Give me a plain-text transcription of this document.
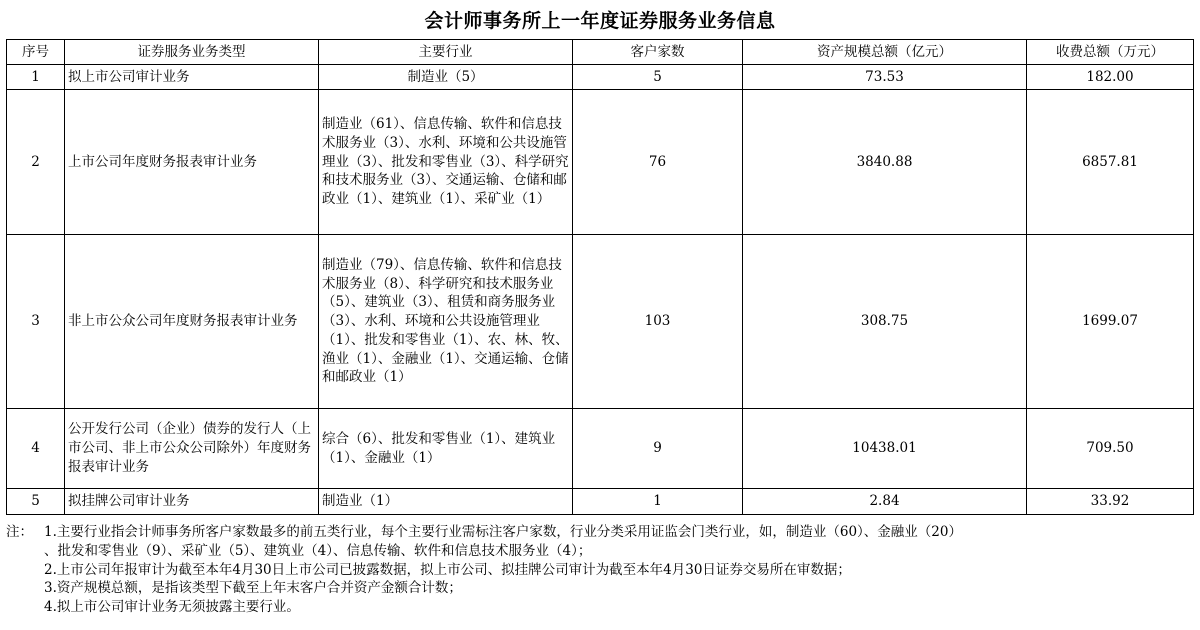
会计师事务所上一年度证券服务业务信息
序号	证券服务业务类型	主要行业	客户家数	资产规模总额（亿元）	收费总额（万元）
1	拟上市公司审计业务	制造业（5）	5	73.53	182.00
2	上市公司年度财务报表审计业务	制造业（61）、信息传输、软件和信息技术服务业（3）、水利、环境和公共设施管理业（3）、批发和零售业（3）、科学研究和技术服务业（3）、交通运输、仓储和邮政业（1）、建筑业（1）、采矿业（1）	76	3840.88	6857.81
3	非上市公众公司年度财务报表审计业务	制造业（79）、信息传输、软件和信息技术服务业（8）、科学研究和技术服务业（5）、建筑业（3）、租赁和商务服务业（3）、水利、环境和公共设施管理业（1）、批发和零售业（1）、农、林、牧、渔业（1）、金融业（1）、交通运输、仓储和邮政业（1）	103	308.75	1699.07
4	公开发行公司（企业）债券的发行人（上市公司、非上市公众公司除外）年度财务报表审计业务	综合（6）、批发和零售业（1）、建筑业（1）、金融业（1）	9	10438.01	709.50
5	拟挂牌公司审计业务	制造业（1）	1	2.84	33.92
注： 1.主要行业指会计师事务所客户家数最多的前五类行业，每个主要行业需标注客户家数，行业分类采用证监会门类行业，如，制造业（60）、金融业（20）
、批发和零售业（9）、采矿业（5）、建筑业（4）、信息传输、软件和信息技术服务业（4）；
2.上市公司年报审计为截至本年4月30日上市公司已披露数据，拟上市公司、拟挂牌公司审计为截至本年4月30日证券交易所在审数据；
3.资产规模总额，是指该类型下截至上年末客户合并资产金额合计数；
4.拟上市公司审计业务无须披露主要行业。
